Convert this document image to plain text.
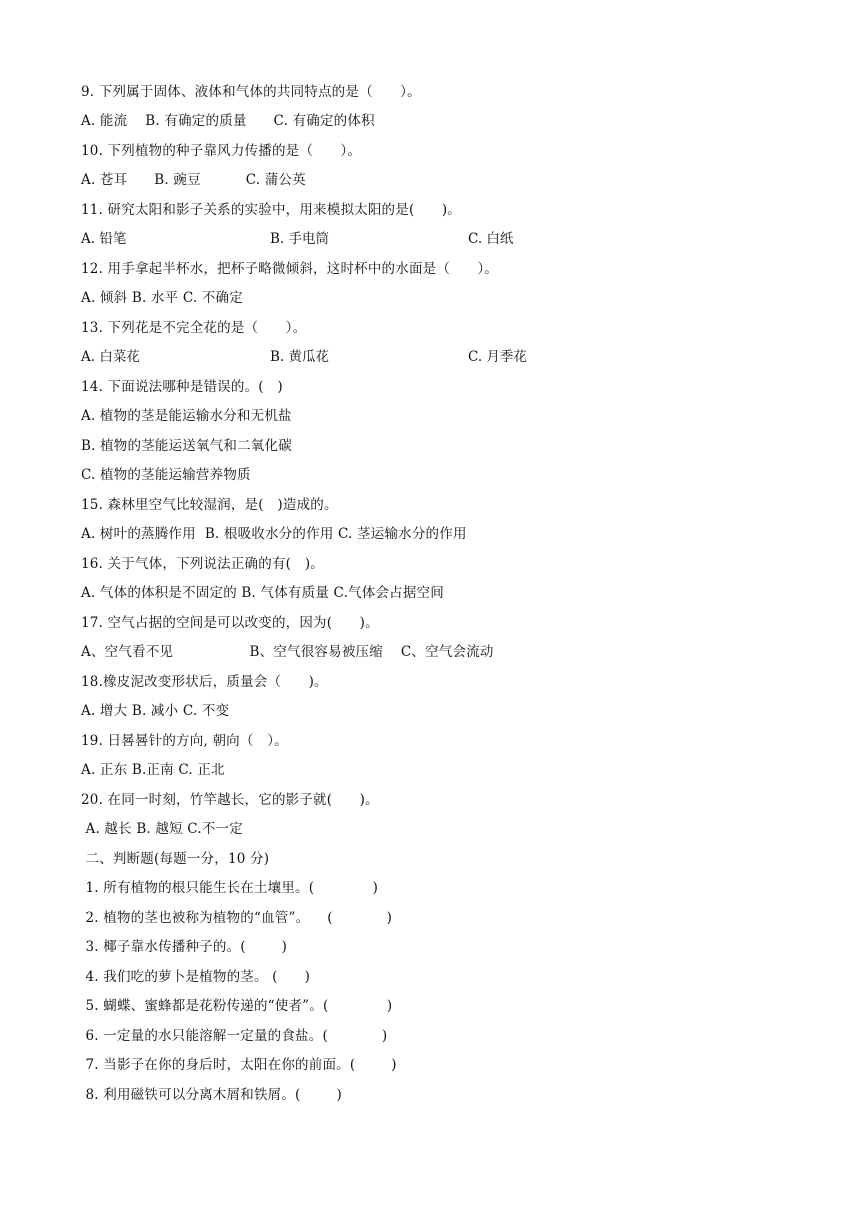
9. 下列属于固体、液体和气体的共同特点的是（　　）。
A. 能流    B. 有确定的质量      C. 有确定的体积
10. 下列植物的种子靠风力传播的是（　　）。
A. 苍耳      B. 豌豆          C. 蒲公英
11. 研究太阳和影子关系的实验中，用来模拟太阳的是(　　)。
A. 铅笔	B. 手电筒	C. 白纸
12. 用手拿起半杯水，把杯子略微倾斜，这时杯中的水面是（　　）。
A. 倾斜 B. 水平 C. 不确定
13. 下列花是不完全花的是（　　）。
A. 白菜花	B. 黄瓜花	C. 月季花
14. 下面说法哪种是错误的。(　)
A. 植物的茎是能运输水分和无机盐
B. 植物的茎能运送氧气和二氧化碳
C. 植物的茎能运输营养物质
15. 森林里空气比较湿润，是(　)造成的。
A. 树叶的蒸腾作用  B. 根吸收水分的作用 C. 茎运输水分的作用
16. 关于气体，下列说法正确的有(　)。
A. 气体的体积是不固定的 B. 气体有质量 C.气体会占据空间
17. 空气占据的空间是可以改变的，因为(　　)。
A、空气看不见                 B、空气很容易被压缩    C、空气会流动
18.橡皮泥改变形状后，质量会（　　)。
A. 增大 B. 减小 C. 不变
19. 日晷晷针的方向, 朝向（　）。
A. 正东 B.正南 C. 正北
20. 在同一时刻，竹竿越长，它的影子就(　　)。
A. 越长 B. 越短 C.不一定
二、判断题(每题一分，10 分)
1. 所有植物的根只能生长在土壤里。(             )
2. 植物的茎也被称为植物的“血管”。    (            )
3. 椰子靠水传播种子的。(        )
4. 我们吃的萝卜是植物的茎。 (      )
5. 蝴蝶、蜜蜂都是花粉传递的“使者”。(             )
6. 一定量的水只能溶解一定量的食盐。(            )
7. 当影子在你的身后时，太阳在你的前面。(        )
8. 利用磁铁可以分离木屑和铁屑。(        )
